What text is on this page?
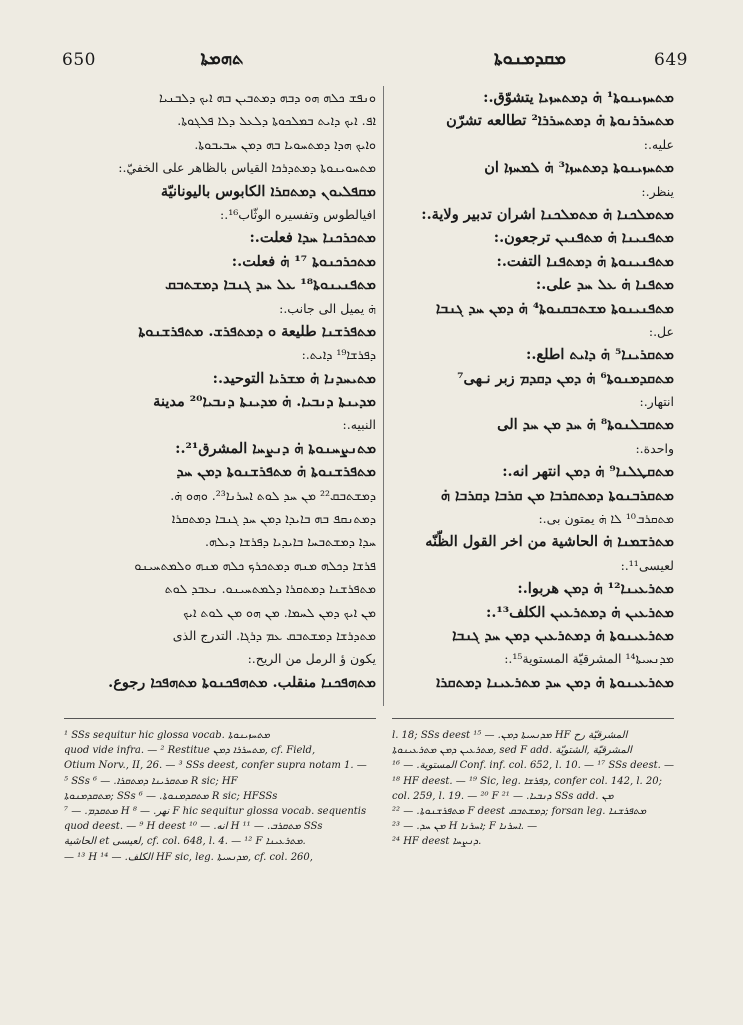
650	ܬܗܡܬܐ	ܡܩܕܡܢܘܬܐ	649
ܘܢܦܫ ܟܠܗ ܗܘ ܕܒܗ ܕܡܬܒܝܢ ܒܗ ܐܝܟ ܕܠܒܢܝܐ
ܐܦ. ܐܝܟ ܕܐܝܬ ܒܡܠܟܘܬܐ ܕܠܥܠ ܕܠܐ ܦܠܓܘܬܐ.
ܘܐܝܟ ܗܕܐ ܕܡܬܚܘܝܐ ܒܗ ܕܡܢ ܚܒܝܒܘܬܐ.
ܡܬܚܘܝܢܘܬܐ ܕܡܬܕܪܟܐ القياس بالظاهر على الخفيّ.:
ܡܩܦܠܝܘܢ ܕܡܬܩܪܐ الكابوس باليونانيّة
افيالطوس وتفسيره الوثّاب¹⁶.:
ܡܬܟܪܟܢܐ ܚܕܐ فعلت.:
ܡܬܟܪܟܢܘܬܐ ¹⁷ ܗ̇ فعلت.:
ܡܬܦܢܝܢܘܬܐ¹⁸ ܥܠ ܚܕ ܓܢܒܐ ܕܡܫܬܒܩ
ܗ̇ يميل الى جانب.:
ܡܬܦܪܫܢܐ طليعة ܘ ܕܡܬܦܪܫ. ܡܬܦܪܫܢܘܬܐ
ܕܦܪܫܐ¹⁹ ܕܐܝܬ.:
ܡܬܝܚܕܢܐ ܗ̇ ܡܫܪܝܐ التوحيد.:
ܡܕܝܢܬܐ ܕܢܒܝܐ. ܗ̇ ܡܕܝܢܬܐ ܕܢܒܝܐ²⁰ مدينة
النبيه.:
ܡܬܢܨܚܢܘܬܐ ܗ̇ ܕܢܨܚܐ المشرق²¹.:
ܡܬܦܪܫܢܘܬܐ ܗ̇ ܡܬܦܪܫܢܘܬܐ ܕܡܢ ܚܕ
ܕܡܫܬܒܩ²² ܡܢ ܚܕ ܠܘܬ ܐܚܪܢܐ²³. ܘܗܘ ܗ̇.
ܕܡܬܢܩܦ ܒܗ ܒܐܝܕܐ ܕܡܢ ܚܕ ܓܢܒܐ ܕܡܬܩܪܐ
ܚܕܐ ܕܡܫܬܒܚܐ ܒܐܝܕܝܐ ܕܦܪܫܐ ܕܝܠܗ.
ܦܪܫܐ ܕܟܠܗ ܡܢܗ ܕܡܬܟܪܟ ܟܠܗ ܡܢܗ ܘܠܡܬܚܝܢܘ
ܡܬܦܪܫܢܐ ܕܡܬܩܪܐ ܕܠܡܬܚܝܢܘ. ܢܥܒܕ ܠܘܬ
ܡܢ ܐܝܟ ܕܡܢ ܠܚܡܐ. ܡܢ ܗܘ ܡܢ ܠܘܬ ܐܝܟ
ܡܬܕܪܫܐ ܕܡܫܬܒܩ ܥܡ ܕܪܓܐ. التدرج الذى
يكون ؤ الرمل من الريح.:
ܡܬܗܦܟܢܐ منقلب. ܡܬܗܦܟܢܘܬܐ ܡܬܗܦܟܐ رجوع.
ܡܬܚܙܝܢܘܬܐ¹ ܗ̇ ܕܡܬܚܙܝܐ يتشوّق.:
ܡܬܚܪܪܢܘܬܐ ܗ̇ ܕܡܬܚܪܪܐ² تطالعه تشرّن
عليه.:
ܡܬܚܙܝܢܘܬܐ ܕܡܬܚܙܐ³ ܗ̇ ܠܡܚܙܐ ان
ينظر.:
ܡܬܡܠܟܢܐ ܗ̇ ܡܬܡܠܟܢܐ اشران تدبير ولاية.:
ܡܬܦܢܝܢܐ ܗ̇ ܡܬܦܢܝܢ ترجعون.:
ܡܬܦܢܝܢܘܬܐ ܗ̇ ܕܡܬܦܢܐ التفت.:
ܡܬܦܢܐ ܗ̇ ܥܠ ܚܕ على.:
ܡܬܦܢܝܢܘܬܐ ܡܫܬܒܩܢܘܬܐ⁴ ܗ̇ ܕܡܢ ܚܕ ܓܢܒܐ
عل.:
ܡܬܩܪܝܢܐ⁵ ܗ̇ ܕܐܝܬ اطلع.:
ܡܬܩܕܡܢܘܬܐ⁶ ܗ̇ ܕܡܢ ܕܩܕܡ زبر نـهى⁷
انتهار.:
ܡܬܩܒܠܢܘܬܐ⁸ ܗ̇ ܚܕ ܡܢ ܚܕ الى
واحدة.:
ܡܬܩܛܠܢܐ⁹ ܗ̇ ܕܡܢ انتهر انه.:
ܡܬܩܪܒܢܘܬܐ ܕܡܬܩܪܒܐ ܡܢ ܩܪܒܐ ܕܩܪܒܐ ܗ̇
ܡܬܩܪܒ¹⁰ ܠܐ ܗ̇ يمتون بى.:
ܡܬܪܫܡܢܐ ܗ̇ الحاشية من اخر القول الظّنّه
لعيسى¹¹.:
ܡܬܪܥܝܢܐ¹² ܗ̇ ܕܡܢ هربوا.:
ܡܬܪܥܝܢ ܗ̇ ܕܡܬܪܥܝܢ الكلف¹³.:
ܡܬܪܥܝܢܘܬܐ ܗ̇ ܕܡܬܪܥܝܢ ܕܡܢ ܚܕ ܓܢܒܐ
ܡܕܢܚܝܬܐ¹⁴ المشرقيّة المستوية¹⁵.:
ܡܬܪܥܝܢܘܬܐ ܗ̇ ܕܡܢ ܚܕ ܡܬܪܥܝܢܐ ܕܡܬܩܪܐ
¹ SSs sequitur hic glossa vocab. ܡܬܚܙܝܢܘܬܐ
quod vide infra. — ² Restitue ܡܬܚܪܪܐ ܕܡܢ, cf. Field,
Otium Norv., II, 26. — ³ SSs deest, confer supra notam 1. —
⁵ SSs ܡܬܩܪܝܢܐ ܕܡܬܩܪܐ. — ⁶ R sic; HF
ܡܬܩܕܡܢܘܬܐ; SSs ܡܬܩܕܡܢܘܬܐ. — ⁶ R sic; HFSSs
ܡܬܩܕܡ. — ⁷ H نهر. — ⁸ F hic sequitur glossa vocab. sequentis
quod deest. — ⁹ H deest انه. — ¹⁰ H ܡܬܩܪܒ. — ¹¹ SSs
الحاشية et لعيسى, cf. col. 648, l. 4. — ¹² F ܡܬܪܥܝܢܐ.
— ¹³ H الكلف. — ¹⁴ HF sic, leg. ܡܕܢܚܝܬܐ, cf. col. 260,
l. 18; SSs deest ܡܕܢܚܝܬܐ ܕܡܢ. — ¹⁵ HF المشرقيّة رح
ܡܬܪܥܝܢ ܕܡܢ ܡܬܪܥܝܢܘܬܐ, sed F add. المشرقيّة ,الشتويّة
المستوية. — ¹⁶ Conf. inf. col. 652, l. 10. — ¹⁷ SSs deest. —
¹⁸ HF deest. — ¹⁹ Sic, leg. ܕܦܪܫܐ, confer col. 142, l. 20;
col. 259, l. 19. — ²⁰ F ܕܢܒܝܐ. — ²¹ SSs add. ܡܢ
ܡܬܦܪܫܢܘܬܐ. — ²² F deest ܕܡܫܬܒܩ; forsan leg. ܡܬܦܪܫܢܐ
ܡܢ ܚܕ. — ²³ H ܐܚܪܢܐ; F ܐܚܪܢܐ. —
²⁴ HF deest ܕܢܨܚܐ.
